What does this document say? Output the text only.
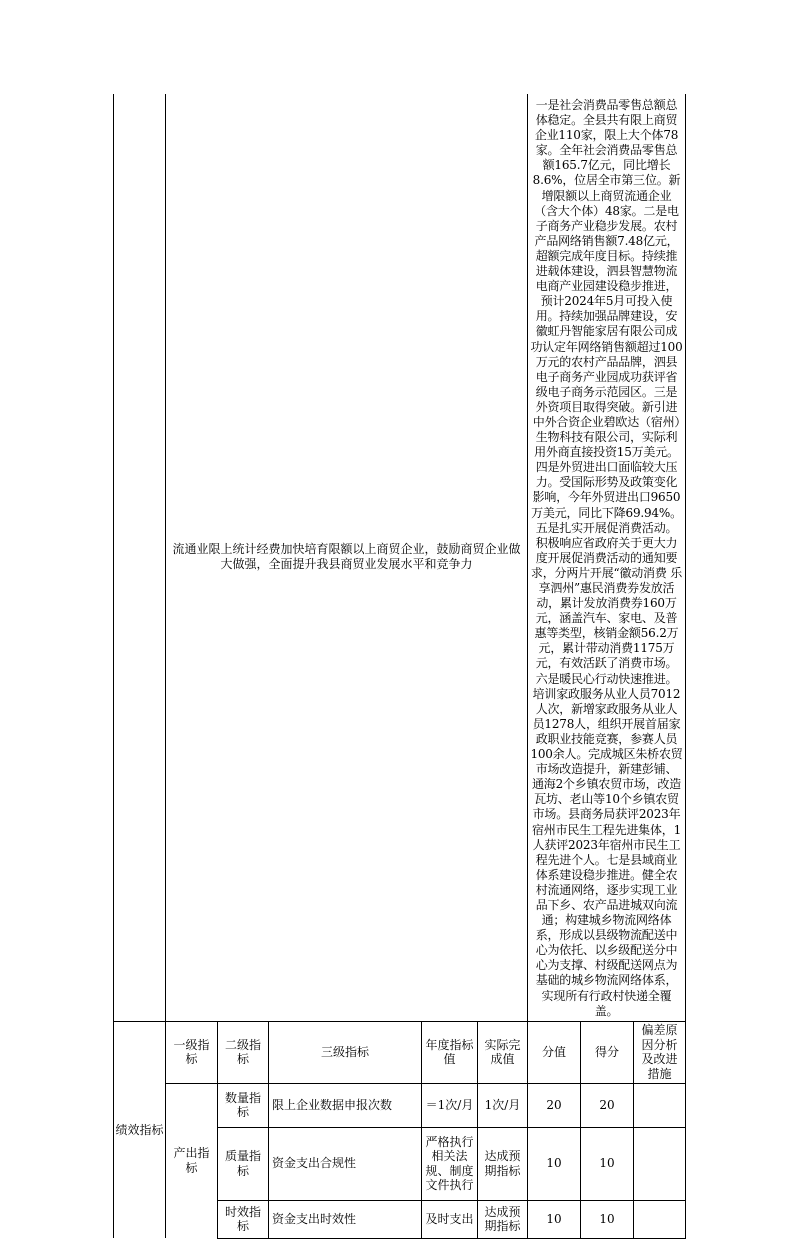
	流通业限上统计经费加快培育限额以上商贸企业，鼓励商贸企业做大做强，全面提升我县商贸业发展水平和竞争力					一是社会消费品零售总额总体稳定。全县共有限上商贸企业110家，限上大个体78家。全年社会消费品零售总额165.7亿元，同比增长8.6%，位居全市第三位。新增限额以上商贸流通企业（含大个体）48家。二是电子商务产业稳步发展。农村产品网络销售额7.48亿元，超额完成年度目标。持续推进载体建设，泗县智慧物流电商产业园建设稳步推进，预计2024年5月可投入使用。持续加强品牌建设，安徽虹丹智能家居有限公司成功认定年网络销售额超过100万元的农村产品品牌，泗县电子商务产业园成功获评省级电子商务示范园区。三是外资项目取得突破。新引进中外合资企业碧欧达（宿州）生物科技有限公司，实际利用外商直接投资15万美元。四是外贸进出口面临较大压力。受国际形势及政策变化影响，今年外贸进出口9650万美元，同比下降69.94%。五是扎实开展促消费活动。积极响应省政府关于更大力度开展促消费活动的通知要求，分两片开展“徽动消费 乐享泗州”惠民消费券发放活动，累计发放消费券160万元，涵盖汽车、家电、及普惠等类型，核销金额56.2万元，累计带动消费1175万元，有效活跃了消费市场。六是暖民心行动快速推进。培训家政服务从业人员7012人次，新增家政服务从业人员1278人，组织开展首届家政职业技能竞赛，参赛人员100余人。完成城区朱桥农贸市场改造提升，新建彭铺、通海2个乡镇农贸市场，改造瓦坊、老山等10个乡镇农贸市场。县商务局获评2023年宿州市民生工程先进集体，1人获评2023年宿州市民生工程先进个人。七是县域商业体系建设稳步推进。健全农村流通网络，逐步实现工业品下乡、农产品进城双向流通；构建城乡物流网络体系，形成以县级物流配送中心为依托、以乡级配送分中心为支撑、村级配送网点为基础的城乡物流网络体系，实现所有行政村快递全覆盖。		
绩效指标	一级指标	二级指标	三级指标	年度指标值	实际完成值	分值	得分	偏差原因分析及改进措施
	产出指标	数量指标	限上企业数据申报次数	＝1次/月	1次/月	20	20	
		质量指标	资金支出合规性	严格执行相关法规、制度文件执行	达成预期指标	10	10	
		时效指标	资金支出时效性	及时支出	达成预期指标	10	10	
